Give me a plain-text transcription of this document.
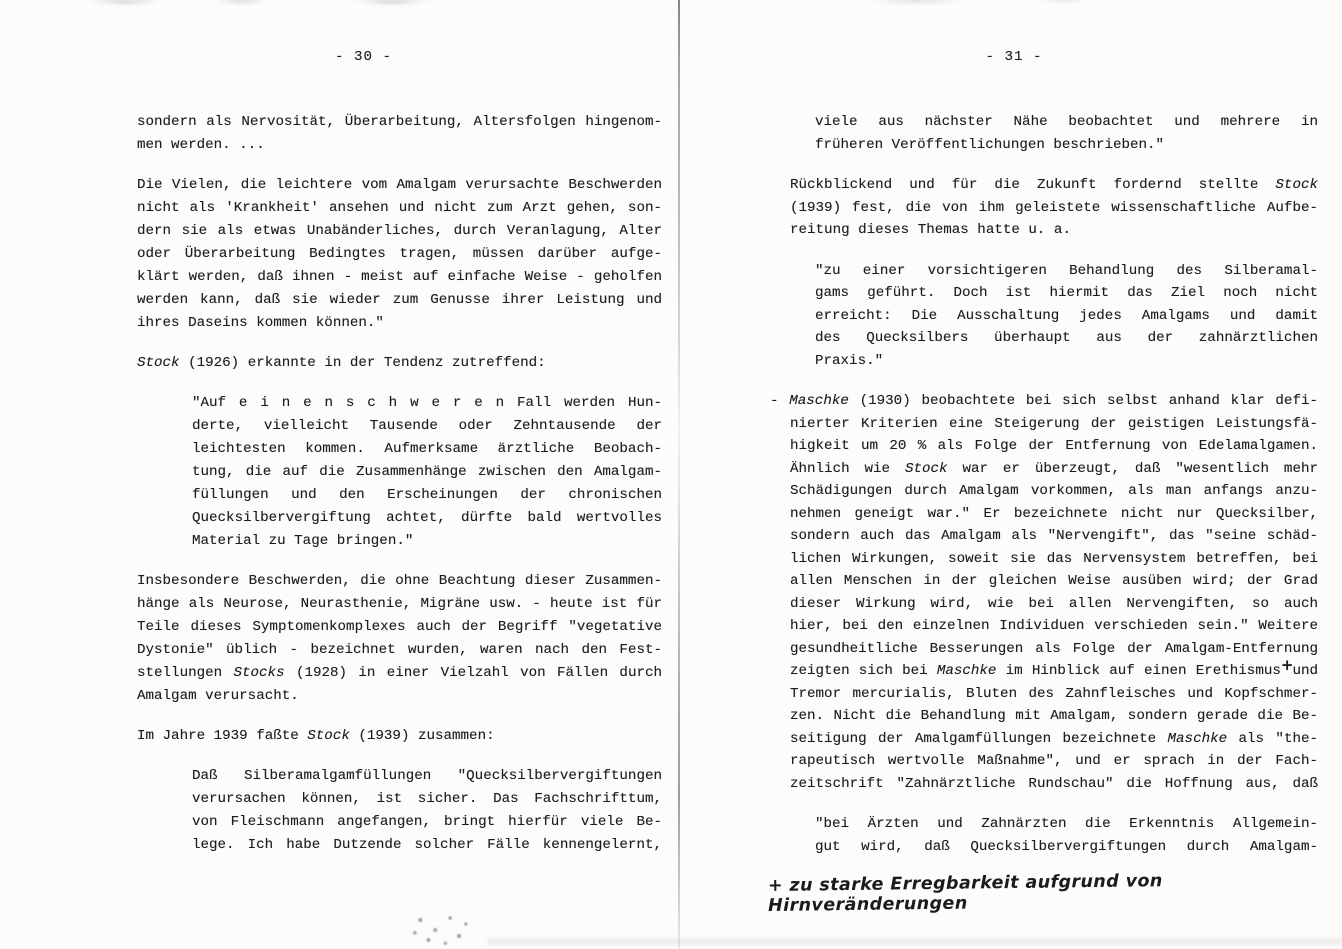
- 30 -
sondern als Nervosität, Überarbeitung, Altersfolgen hingenom-
men werden. ...
Die Vielen, die leichtere vom Amalgam verursachte Beschwerden
nicht als 'Krankheit' ansehen und nicht zum Arzt gehen, son-
dern sie als etwas Unabänderliches, durch Veranlagung, Alter
oder Überarbeitung Bedingtes tragen, müssen darüber aufge-
klärt werden, daß ihnen - meist auf einfache Weise - geholfen
werden kann, daß sie wieder zum Genusse ihrer Leistung und
ihres Daseins kommen können."
Stock (1926) erkannte in der Tendenz zutreffend:
"Auf e i n e n s c h w e r e n Fall werden Hun-
derte, vielleicht Tausende oder Zehntausende der
leichtesten kommen. Aufmerksame ärztliche Beobach-
tung, die auf die Zusammenhänge zwischen den Amalgam-
füllungen und den Erscheinungen der chronischen
Quecksilbervergiftung achtet, dürfte bald wertvolles
Material zu Tage bringen."
Insbesondere Beschwerden, die ohne Beachtung dieser Zusammen-
hänge als Neurose, Neurasthenie, Migräne usw. - heute ist für
Teile dieses Symptomenkomplexes auch der Begriff "vegetative
Dystonie" üblich - bezeichnet wurden, waren nach den Fest-
stellungen Stocks (1928) in einer Vielzahl von Fällen durch
Amalgam verursacht.
Im Jahre 1939 faßte Stock (1939) zusammen:
Daß Silberamalgamfüllungen "Quecksilbervergiftungen
verursachen können, ist sicher. Das Fachschrifttum,
von Fleischmann angefangen, bringt hierfür viele Be-
lege. Ich habe Dutzende solcher Fälle kennengelernt,
- 31 -
viele aus nächster Nähe beobachtet und mehrere in
früheren Veröffentlichungen beschrieben."
Rückblickend und für die Zukunft fordernd stellte Stock
(1939) fest, die von ihm geleistete wissenschaftliche Aufbe-
reitung dieses Themas hatte u. a.
"zu einer vorsichtigeren Behandlung des Silberamal-
gams geführt. Doch ist hiermit das Ziel noch nicht
erreicht: Die Ausschaltung jedes Amalgams und damit
des Quecksilbers überhaupt aus der zahnärztlichen
Praxis."
- Maschke (1930) beobachtete bei sich selbst anhand klar defi-
nierter Kriterien eine Steigerung der geistigen Leistungsfä-
higkeit um 20 % als Folge der Entfernung von Edelamalgamen.
Ähnlich wie Stock war er überzeugt, daß "wesentlich mehr
Schädigungen durch Amalgam vorkommen, als man anfangs anzu-
nehmen geneigt war." Er bezeichnete nicht nur Quecksilber,
sondern auch das Amalgam als "Nervengift", das "seine schäd-
lichen Wirkungen, soweit sie das Nervensystem betreffen, bei
allen Menschen in der gleichen Weise ausüben wird; der Grad
dieser Wirkung wird, wie bei allen Nervengiften, so auch
hier, bei den einzelnen Individuen verschieden sein." Weitere
gesundheitliche Besserungen als Folge der Amalgam-Entfernung
zeigten sich bei Maschke im Hinblick auf einen Erethismus+und
Tremor mercurialis, Bluten des Zahnfleisches und Kopfschmer-
zen. Nicht die Behandlung mit Amalgam, sondern gerade die Be-
seitigung der Amalgamfüllungen bezeichnete Maschke als "the-
rapeutisch wertvolle Maßnahme", und er sprach in der Fach-
zeitschrift "Zahnärztliche Rundschau" die Hoffnung aus, daß
"bei Ärzten und Zahnärzten die Erkenntnis Allgemein-
gut wird, daß Quecksilbervergiftungen durch Amalgam-
+ zu starke Erregbarkeit aufgrund von Hirnveränderungen
